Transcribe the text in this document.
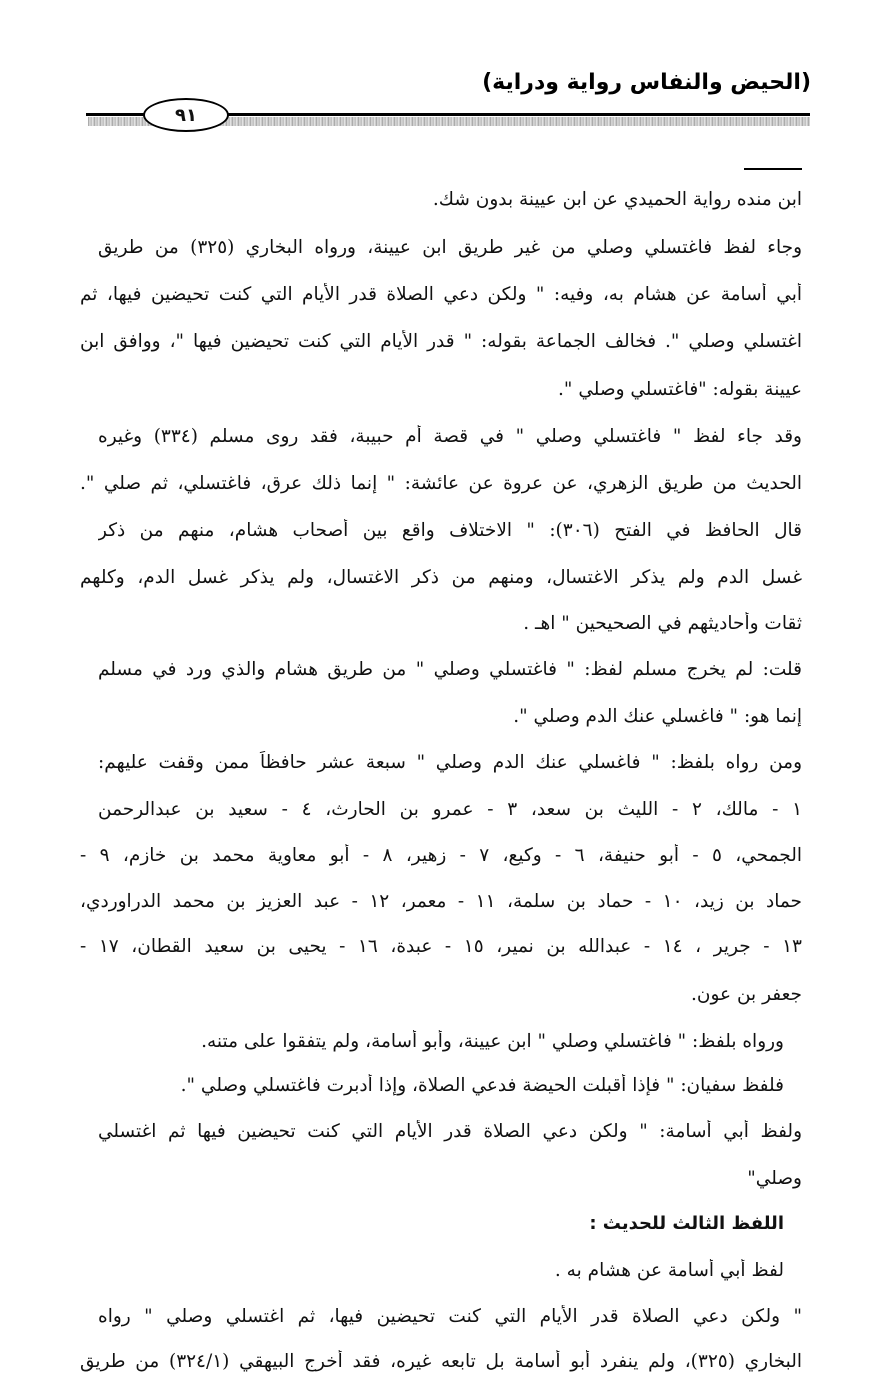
(الحيض والنفاس رواية ودراية)
٩١
ابن منده رواية الحميدي عن ابن عيينة بدون شك.
وجاء لفظ فاغتسلي وصلي من غير طريق ابن عيينة، ورواه البخاري (٣٢٥) من طريق
أبي أسامة عن هشام به، وفيه: " ولكن دعي الصلاة قدر الأيام التي كنت تحيضين فيها، ثم
اغتسلي وصلي ". فخالف الجماعة بقوله: " قدر الأيام التي كنت تحيضين فيها "، ووافق ابن
عيينة بقوله: "فاغتسلي وصلي ".
وقد جاء لفظ " فاغتسلي وصلي " في قصة أم حبيبة، فقد روى مسلم (٣٣٤) وغيره
الحديث من طريق الزهري، عن عروة عن عائشة: " إنما ذلك عرق، فاغتسلي، ثم صلي ".
قال الحافظ في الفتح (٣٠٦): " الاختلاف واقع بين أصحاب هشام، منهم من ذكر
غسل الدم ولم يذكر الاغتسال، ومنهم من ذكر الاغتسال، ولم يذكر غسل الدم، وكلهم
ثقات وأحاديثهم في الصحيحين " اهـ .
قلت: لم يخرج مسلم لفظ: " فاغتسلي وصلي " من طريق هشام والذي ورد في مسلم
إنما هو: " فاغسلي عنك الدم وصلي ".
ومن رواه بلفظ: " فاغسلي عنك الدم وصلي " سبعة عشر حافظاً ممن وقفت عليهم:
١ - مالك، ٢ - الليث بن سعد، ٣ - عمرو بن الحارث، ٤ - سعيد بن عبدالرحمن
الجمحي، ٥ - أبو حنيفة، ٦ - وكيع، ٧ - زهير، ٨ - أبو معاوية محمد بن خازم، ٩ -
حماد بن زيد، ١٠ - حماد بن سلمة، ١١ - معمر، ١٢ - عبد العزيز بن محمد الدراوردي،
١٣ - جرير ، ١٤ - عبدالله بن نمير، ١٥ - عبدة، ١٦ - يحيى بن سعيد القطان، ١٧ -
جعفر بن عون.
ورواه بلفظ: " فاغتسلي وصلي " ابن عيينة، وأبو أسامة، ولم يتفقوا على متنه.
فلفظ سفيان: " فإذا أقبلت الحيضة فدعي الصلاة، وإذا أدبرت فاغتسلي وصلي ".
ولفظ أبي أسامة: " ولكن دعي الصلاة قدر الأيام التي كنت تحيضين فيها ثم اغتسلي
وصلي"
اللفظ الثالث للحديث :
لفظ أبي أسامة عن هشام به .
" ولكن دعي الصلاة قدر الأيام التي كنت تحيضين فيها، ثم اغتسلي وصلي " رواه
البخاري (٣٢٥)، ولم ينفرد أبو أسامة بل تابعه غيره، فقد أخرج البيهقي (٣٢٤/١) من طريق
